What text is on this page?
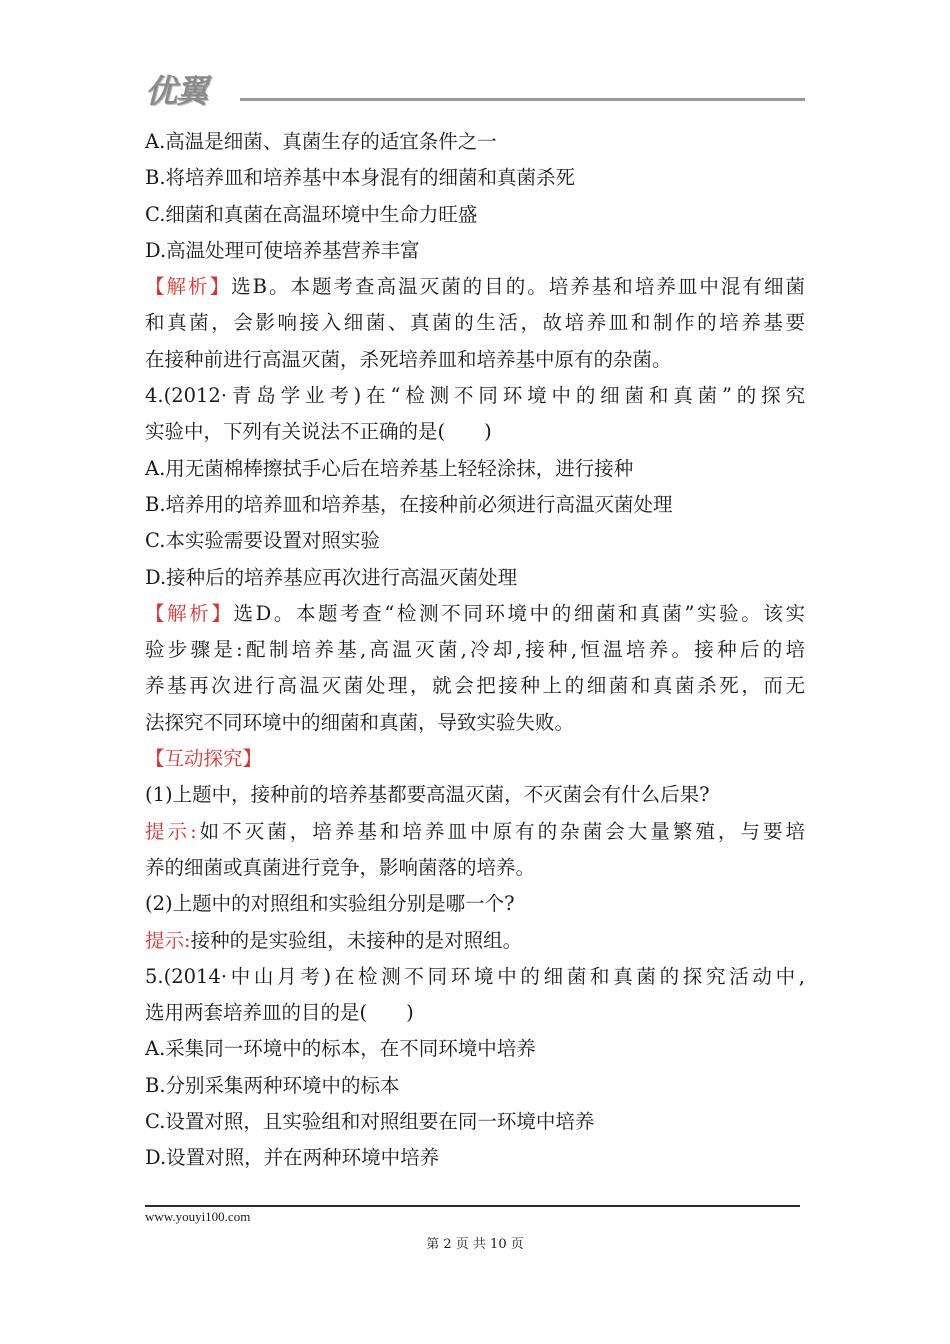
优翼
A.高温是细菌、真菌生存的适宜条件之一
B.将培养皿和培养基中本身混有的细菌和真菌杀死
C.细菌和真菌在高温环境中生命力旺盛
D.高温处理可使培养基营养丰富
【解析】选B。本题考查高温灭菌的目的。培养基和培养皿中混有细菌
和真菌，会影响接入细菌、真菌的生活，故培养皿和制作的培养基要
在接种前进行高温灭菌，杀死培养皿和培养基中原有的杂菌。
4.(2012·青岛学业考)在“检测不同环境中的细菌和真菌”的探究
实验中，下列有关说法不正确的是(　　)
A.用无菌棉棒擦拭手心后在培养基上轻轻涂抹，进行接种
B.培养用的培养皿和培养基，在接种前必须进行高温灭菌处理
C.本实验需要设置对照实验
D.接种后的培养基应再次进行高温灭菌处理
【解析】选D。本题考查“检测不同环境中的细菌和真菌”实验。该实
验步骤是:配制培养基,高温灭菌,冷却,接种,恒温培养。接种后的培
养基再次进行高温灭菌处理，就会把接种上的细菌和真菌杀死，而无
法探究不同环境中的细菌和真菌，导致实验失败。
【互动探究】
(1)上题中，接种前的培养基都要高温灭菌，不灭菌会有什么后果?
提示:如不灭菌，培养基和培养皿中原有的杂菌会大量繁殖，与要培
养的细菌或真菌进行竞争，影响菌落的培养。
(2)上题中的对照组和实验组分别是哪一个?
提示:接种的是实验组，未接种的是对照组。
5.(2014·中山月考)在检测不同环境中的细菌和真菌的探究活动中,
选用两套培养皿的目的是(　　)
A.采集同一环境中的标本，在不同环境中培养
B.分别采集两种环境中的标本
C.设置对照，且实验组和对照组要在同一环境中培养
D.设置对照，并在两种环境中培养
www.youyi100.com
第 2 页 共 10 页
